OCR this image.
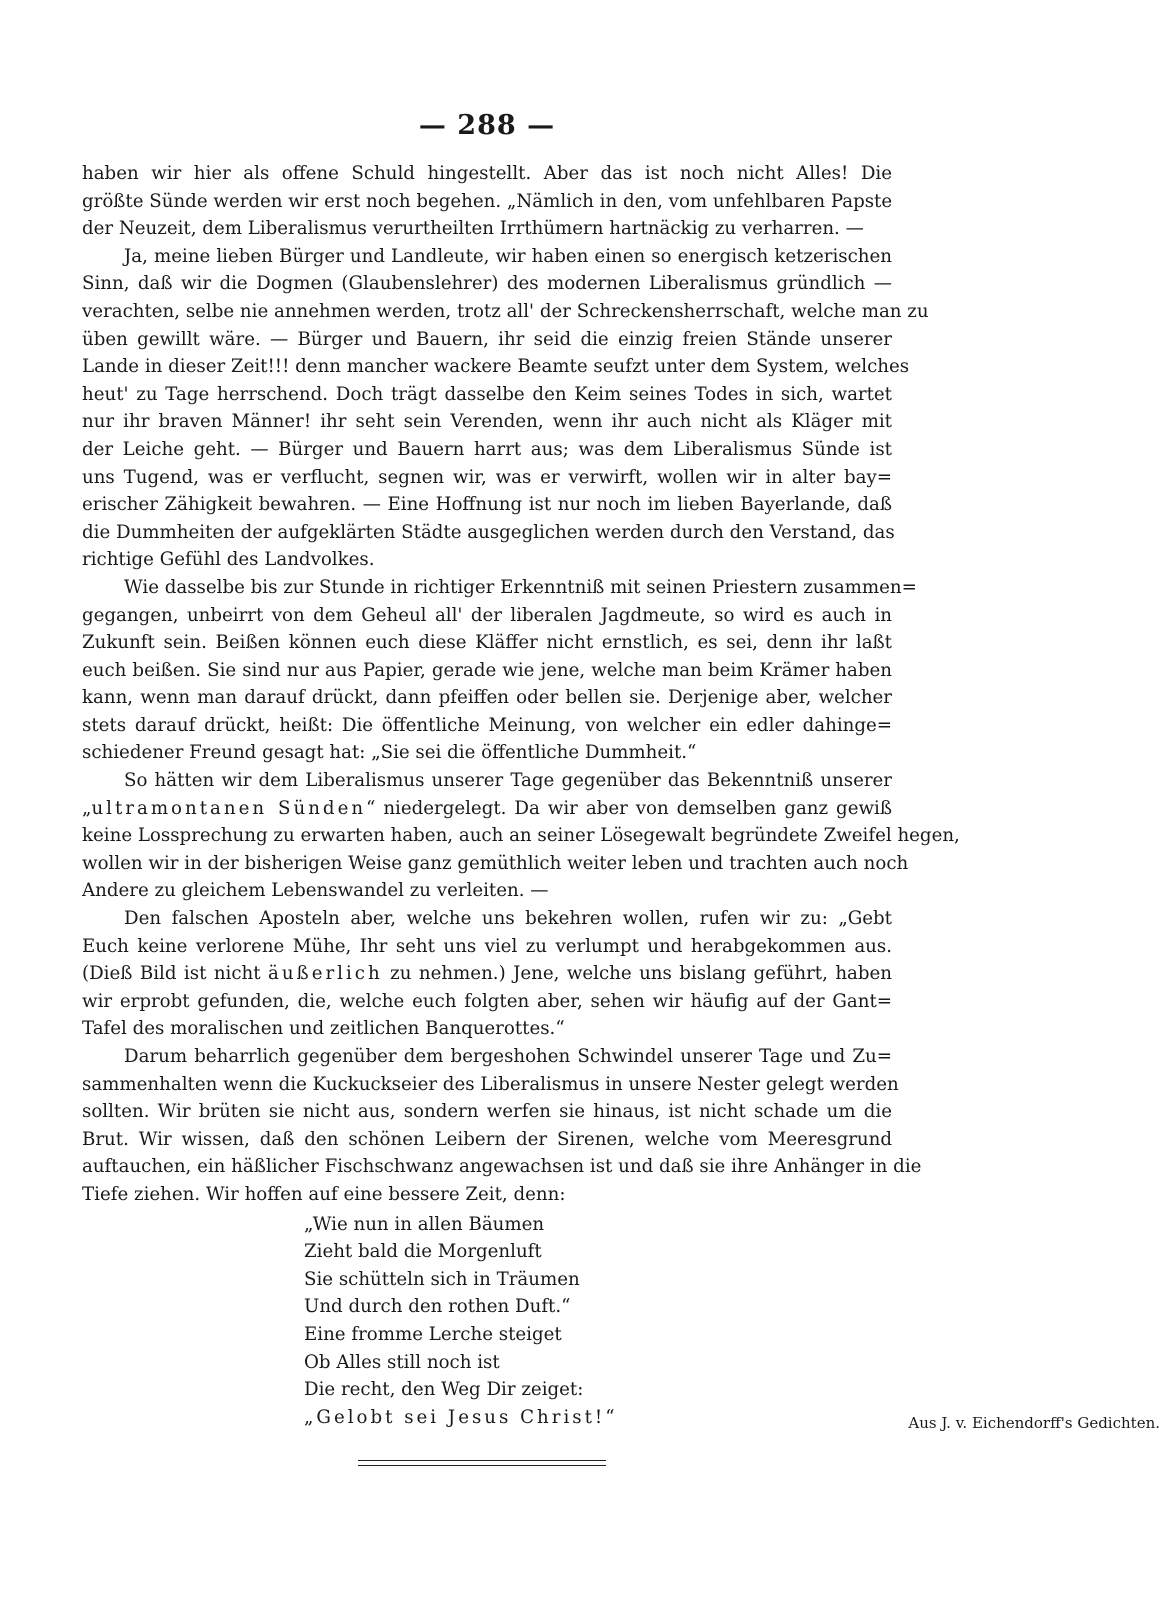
— 288 —

haben wir hier als offene Schuld hingestellt. Aber das ist noch nicht Alles! Die
größte Sünde werden wir erst noch begehen. „Nämlich in den, vom unfehlbaren Papste
der Neuzeit, dem Liberalismus verurtheilten Irrthümern hartnäckig zu verharren. —

Ja, meine lieben Bürger und Landleute, wir haben einen so energisch ketzerischen
Sinn, daß wir die Dogmen (Glaubenslehrer) des modernen Liberalismus gründlich —
verachten, selbe nie annehmen werden, trotz all' der Schreckensherrschaft, welche man zu
üben gewillt wäre. — Bürger und Bauern, ihr seid die einzig freien Stände unserer
Lande in dieser Zeit!!! denn mancher wackere Beamte seufzt unter dem System, welches
heut' zu Tage herrschend. Doch trägt dasselbe den Keim seines Todes in sich, wartet
nur ihr braven Männer! ihr seht sein Verenden, wenn ihr auch nicht als Kläger mit
der Leiche geht. — Bürger und Bauern harrt aus; was dem Liberalismus Sünde ist
uns Tugend, was er verflucht, segnen wir, was er verwirft, wollen wir in alter bay=
erischer Zähigkeit bewahren. — Eine Hoffnung ist nur noch im lieben Bayerlande, daß
die Dummheiten der aufgeklärten Städte ausgeglichen werden durch den Verstand, das
richtige Gefühl des Landvolkes.

Wie dasselbe bis zur Stunde in richtiger Erkenntniß mit seinen Priestern zusammen=
gegangen, unbeirrt von dem Geheul all' der liberalen Jagdmeute, so wird es auch in
Zukunft sein. Beißen können euch diese Kläffer nicht ernstlich, es sei, denn ihr laßt
euch beißen. Sie sind nur aus Papier, gerade wie jene, welche man beim Krämer haben
kann, wenn man darauf drückt, dann pfeiffen oder bellen sie. Derjenige aber, welcher
stets darauf drückt, heißt: Die öffentliche Meinung, von welcher ein edler dahinge=
schiedener Freund gesagt hat: „Sie sei die öffentliche Dummheit.“

So hätten wir dem Liberalismus unserer Tage gegenüber das Bekenntniß unserer
„ultramontanen Sünden“ niedergelegt. Da wir aber von demselben ganz gewiß
keine Lossprechung zu erwarten haben, auch an seiner Lösegewalt begründete Zweifel hegen,
wollen wir in der bisherigen Weise ganz gemüthlich weiter leben und trachten auch noch
Andere zu gleichem Lebenswandel zu verleiten. —

Den falschen Aposteln aber, welche uns bekehren wollen, rufen wir zu: „Gebt
Euch keine verlorene Mühe, Ihr seht uns viel zu verlumpt und herabgekommen aus.
(Dieß Bild ist nicht äußerlich zu nehmen.) Jene, welche uns bislang geführt, haben
wir erprobt gefunden, die, welche euch folgten aber, sehen wir häufig auf der Gant=
Tafel des moralischen und zeitlichen Banquerottes.“

Darum beharrlich gegenüber dem bergeshohen Schwindel unserer Tage und Zu=
sammenhalten wenn die Kuckuckseier des Liberalismus in unsere Nester gelegt werden
sollten. Wir brüten sie nicht aus, sondern werfen sie hinaus, ist nicht schade um die
Brut. Wir wissen, daß den schönen Leibern der Sirenen, welche vom Meeresgrund
auftauchen, ein häßlicher Fischschwanz angewachsen ist und daß sie ihre Anhänger in die
Tiefe ziehen. Wir hoffen auf eine bessere Zeit, denn:

„Wie nun in allen Bäumen
Zieht bald die Morgenluft
Sie schütteln sich in Träumen
Und durch den rothen Duft.“
Eine fromme Lerche steiget
Ob Alles still noch ist
Die recht, den Weg Dir zeiget:
„Gelobt sei Jesus Christ!“	Aus J. v. Eichendorff's Gedichten.
